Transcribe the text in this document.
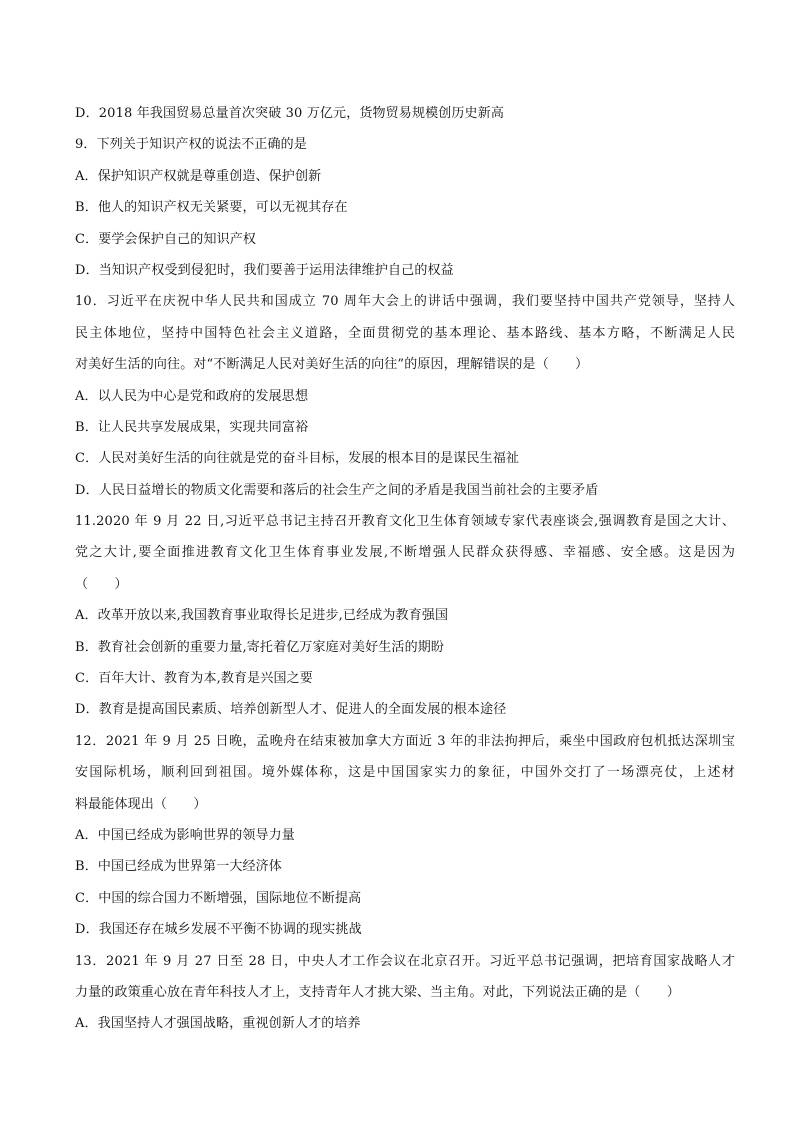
D．2018 年我国贸易总量首次突破 30 万亿元，货物贸易规模创历史新高
9．下列关于知识产权的说法不正确的是
A．保护知识产权就是尊重创造、保护创新
B．他人的知识产权无关紧要，可以无视其存在
C．要学会保护自己的知识产权
D．当知识产权受到侵犯时，我们要善于运用法律维护自己的权益
10．习近平在庆祝中华人民共和国成立 70 周年大会上的讲话中强调，我们要坚持中国共产党领导，坚持人
民主体地位，坚持中国特色社会主义道路，全面贯彻党的基本理论、基本路线、基本方略，不断满足人民
对美好生活的向往。对“不断满足人民对美好生活的向往”的原因，理解错误的是（　　）
A．以人民为中心是党和政府的发展思想
B．让人民共享发展成果，实现共同富裕
C．人民对美好生活的向往就是党的奋斗目标，发展的根本目的是谋民生福祉
D．人民日益增长的物质文化需要和落后的社会生产之间的矛盾是我国当前社会的主要矛盾
11.2020 年 9 月 22 日,习近平总书记主持召开教育文化卫生体育领域专家代表座谈会,强调教育是国之大计、
党之大计,要全面推进教育文化卫生体育事业发展,不断增强人民群众获得感、幸福感、安全感。这是因为
（　　）
A．改革开放以来,我国教育事业取得长足进步,已经成为教育强国
B．教育社会创新的重要力量,寄托着亿万家庭对美好生活的期盼
C．百年大计、教育为本,教育是兴国之要
D．教育是提高国民素质、培养创新型人才、促进人的全面发展的根本途径
12．2021 年 9 月 25 日晚，孟晚舟在结束被加拿大方面近 3 年的非法拘押后，乘坐中国政府包机抵达深圳宝
安国际机场，顺利回到祖国。境外媒体称，这是中国国家实力的象征，中国外交打了一场漂亮仗，上述材
料最能体现出（　　）
A．中国已经成为影响世界的领导力量
B．中国已经成为世界第一大经济体
C．中国的综合国力不断增强，国际地位不断提高
D．我国还存在城乡发展不平衡不协调的现实挑战
13．2021 年 9 月 27 日至 28 日，中央人才工作会议在北京召开。习近平总书记强调，把培育国家战略人才
力量的政策重心放在青年科技人才上，支持青年人才挑大梁、当主角。对此，下列说法正确的是（　　）
A．我国坚持人才强国战略，重视创新人才的培养
